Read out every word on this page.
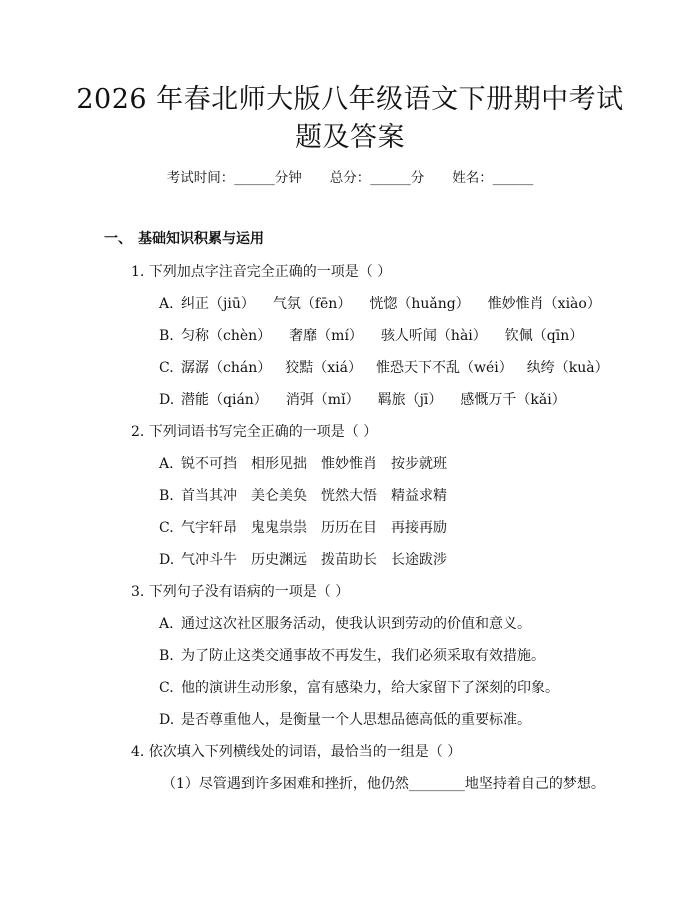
2026 年春北师大版八年级语文下册期中考试
题及答案
考试时间：______分钟 总分：______分 姓名：______
一、 基础知识积累与运用
1. 下列加点字注音完全正确的一项是（ ）
A. 纠正（jiū） 气氛（fēn） 恍惚（huǎng） 惟妙惟肖（xiào）
B. 匀称（chèn） 奢靡（mí） 骇人听闻（hài） 钦佩（qīn）
C. 潺潺（chán） 狡黠（xiá） 惟恐天下不乱（wéi） 纨绔（kuà）
D. 潜能（qián） 消弭（mǐ） 羁旅（jī） 感慨万千（kǎi）
2. 下列词语书写完全正确的一项是（ ）
A. 锐不可挡 相形见拙 惟妙惟肖 按步就班
B. 首当其冲 美仑美奂 恍然大悟 精益求精
C. 气宇轩昂 鬼鬼祟祟 历历在目 再接再励
D. 气冲斗牛 历史渊远 拨苗助长 长途跋涉
3. 下列句子没有语病的一项是（ ）
A. 通过这次社区服务活动，使我认识到劳动的价值和意义。
B. 为了防止这类交通事故不再发生，我们必须采取有效措施。
C. 他的演讲生动形象，富有感染力，给大家留下了深刻的印象。
D. 是否尊重他人，是衡量一个人思想品德高低的重要标准。
4. 依次填入下列横线处的词语，最恰当的一组是（ ）
（1）尽管遇到许多困难和挫折，他仍然________地坚持着自己的梦想。
